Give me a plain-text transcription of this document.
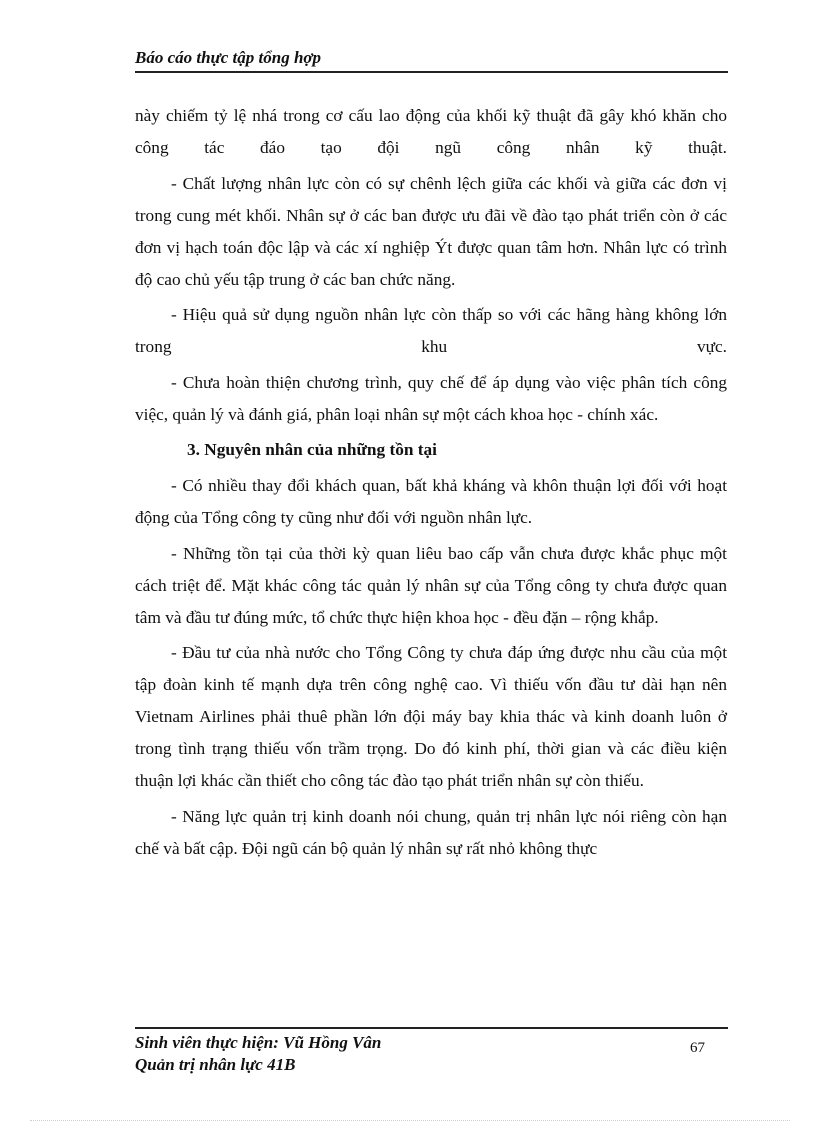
Báo cáo thực tập tổng hợp

này chiếm tỷ lệ nhá trong cơ cấu lao động của khối kỹ thuật đã gây khó khăn cho công tác đáo tạo đội ngũ công nhân kỹ thuật.

- Chất lượng nhân lực còn có sự chênh lệch giữa các khối và giữa các đơn vị trong cung mét khối. Nhân sự ở các ban được ưu đãi về đào tạo phát triển còn ở các đơn vị hạch toán độc lập và các xí nghiệp Ýt được quan tâm hơn. Nhân lực có trình độ cao chủ yếu tập trung ở các ban chức năng.

- Hiệu quả sử dụng nguồn nhân lực còn thấp so với các hãng hàng không lớn trong khu vực.

- Chưa hoàn thiện chương trình, quy chế để áp dụng vào việc phân tích công việc, quản lý và đánh giá, phân loại nhân sự một cách khoa học - chính xác.

3. Nguyên nhân của những tồn tại

- Có nhiều thay đổi khách quan, bất khả kháng và khôn thuận lợi đối với hoạt động của Tổng công ty cũng như đối với nguồn nhân lực.

- Những tồn tại của thời kỳ quan liêu bao cấp vẫn chưa được khắc phục một cách triệt để. Mặt khác công tác quản lý nhân sự của Tổng công ty chưa được quan tâm và đầu tư đúng mức, tổ chức thực hiện khoa học - đều đặn – rộng khắp.

- Đầu tư của nhà nước cho Tổng Công ty chưa đáp ứng được nhu cầu của một tập đoàn kinh tế mạnh dựa trên công nghệ cao. Vì thiếu vốn đầu tư dài hạn nên Vietnam Airlines phải thuê phần lớn đội máy bay khia thác và kinh doanh luôn ở trong tình trạng thiếu vốn trầm trọng. Do đó kinh phí, thời gian và các điều kiện thuận lợi khác cần thiết cho công tác đào tạo phát triển nhân sự còn thiếu.

- Năng lực quản trị kinh doanh nói chung, quản trị nhân lực nói riêng còn hạn chế và bất cập. Đội ngũ cán bộ quản lý nhân sự rất nhỏ không thực

Sinh viên thực hiện: Vũ Hồng Vân
Quản trị nhân lực 41B
67
